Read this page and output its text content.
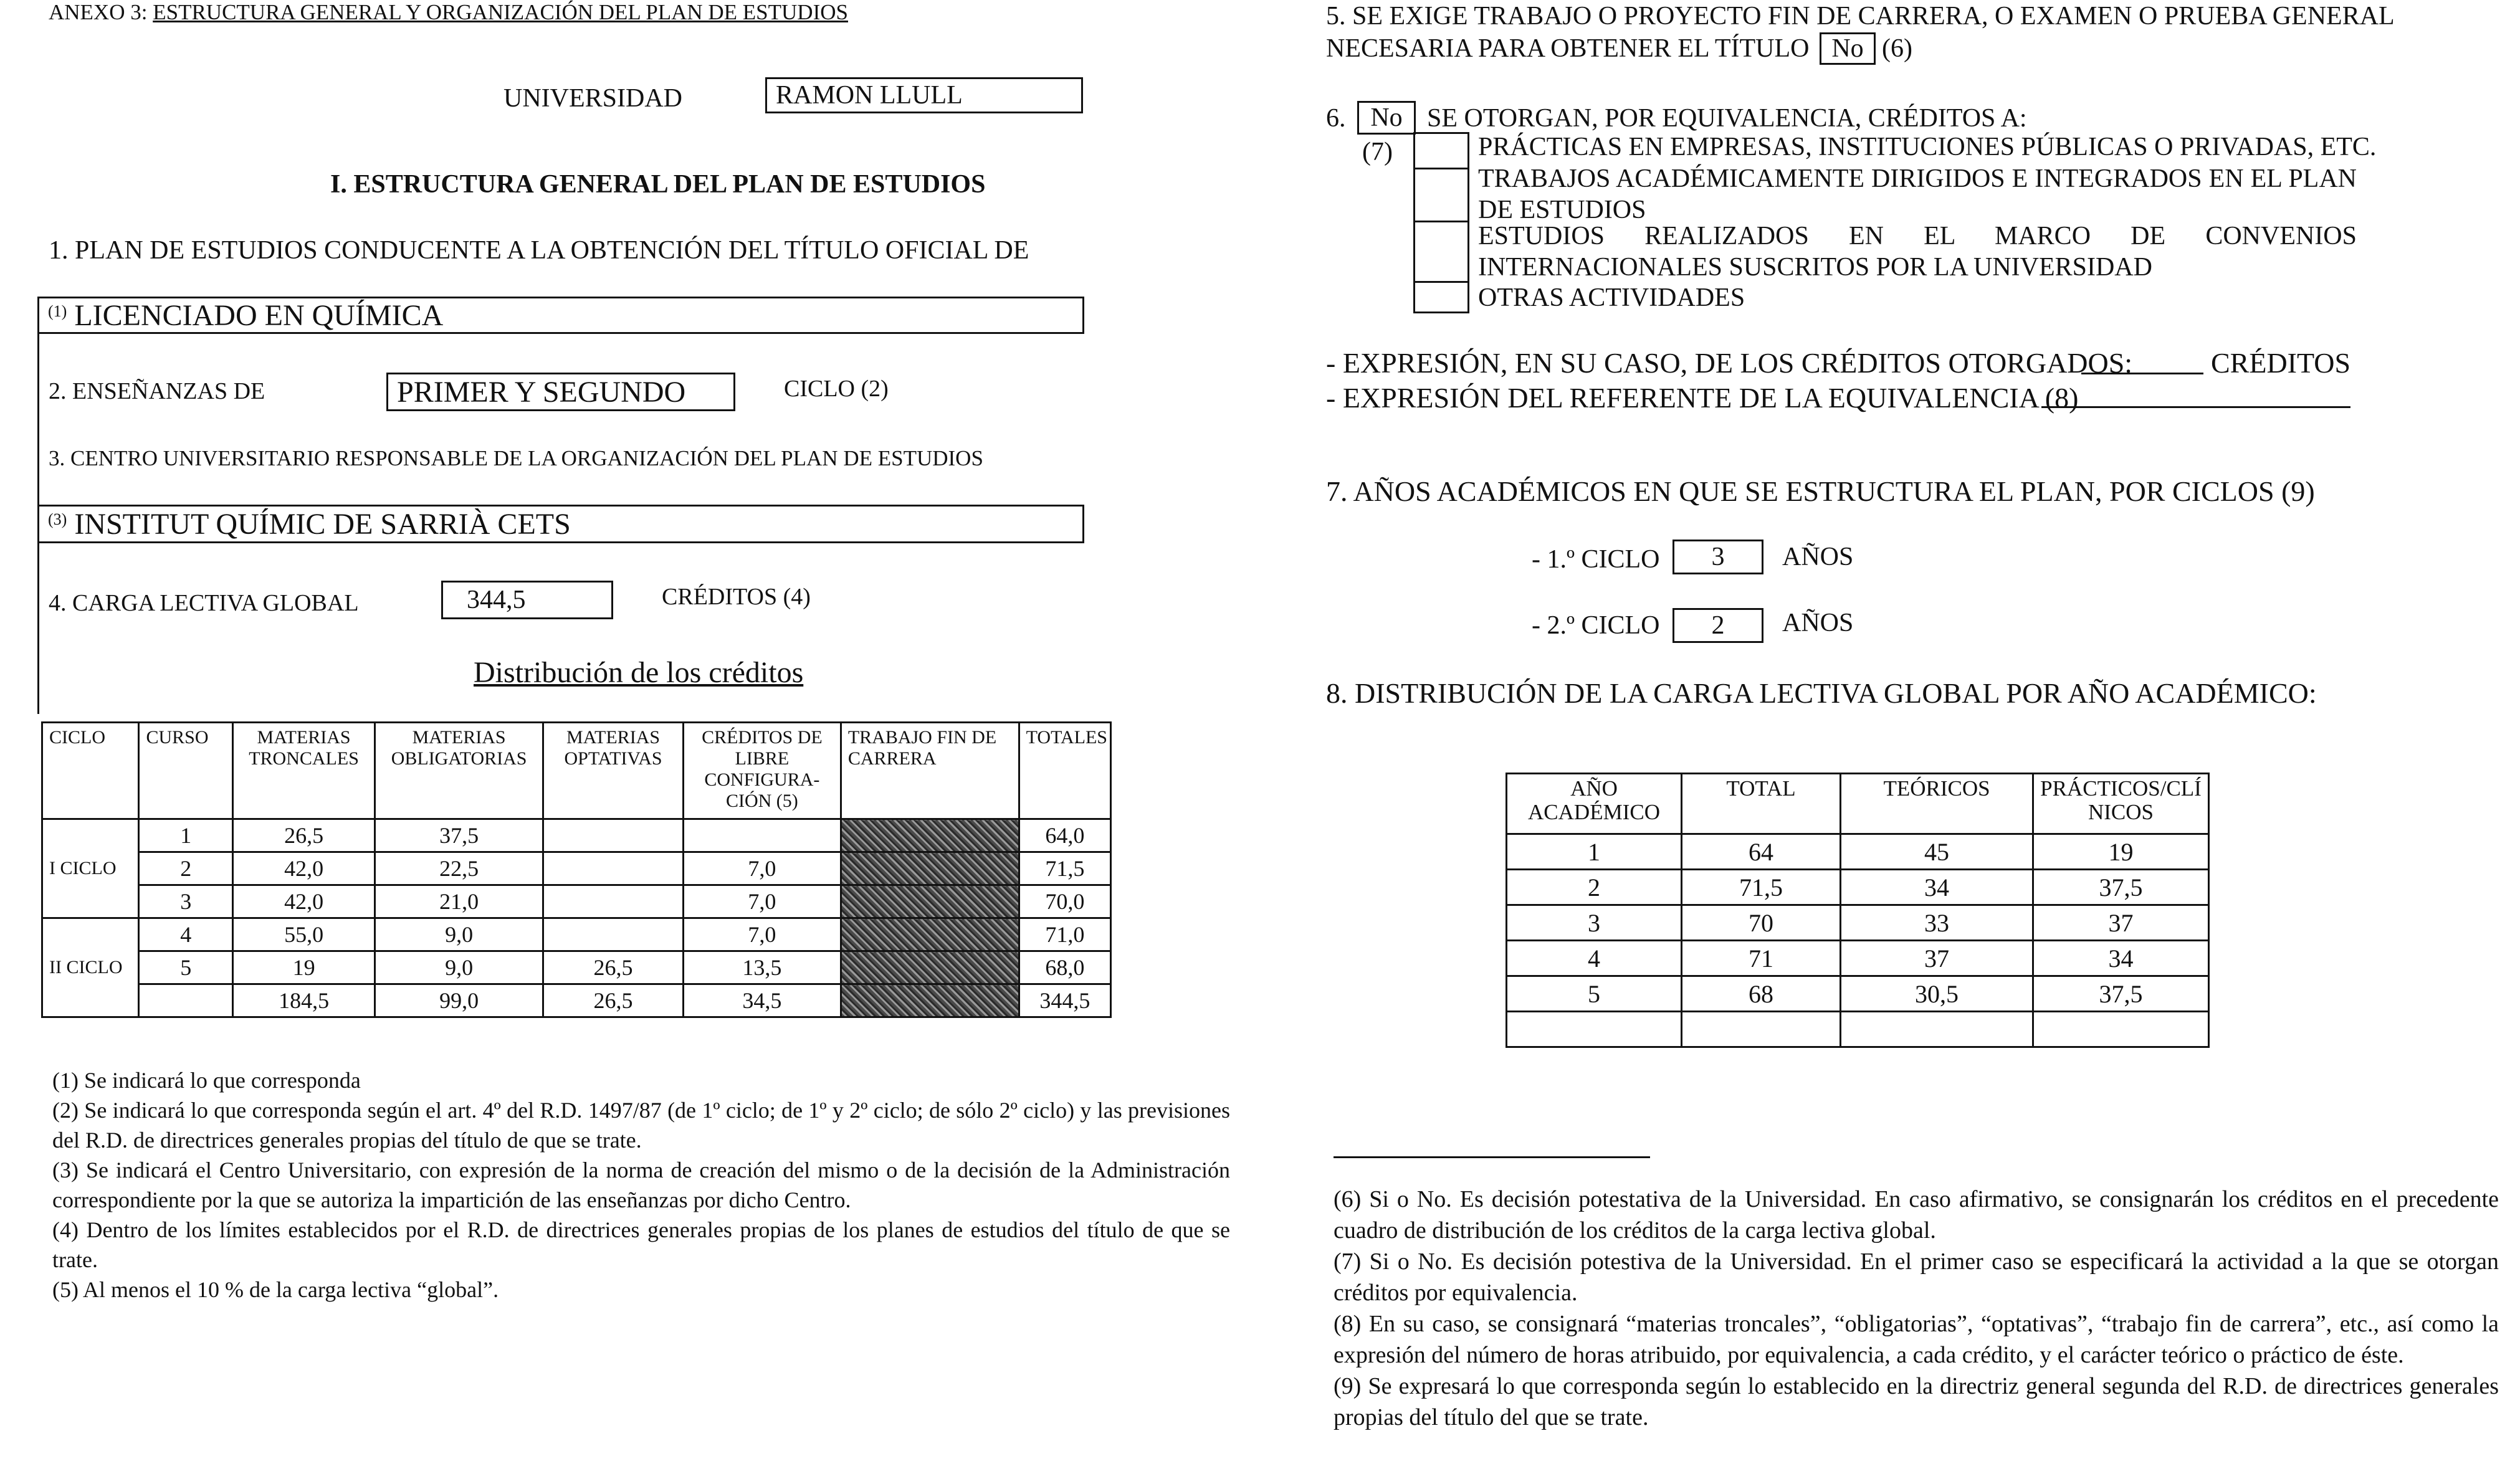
ANEXO 3: ESTRUCTURA GENERAL Y ORGANIZACIÓN DEL PLAN DE ESTUDIOS
UNIVERSIDAD	RAMON LLULL
I. ESTRUCTURA GENERAL DEL PLAN DE ESTUDIOS
1. PLAN DE ESTUDIOS CONDUCENTE A LA OBTENCIÓN DEL TÍTULO OFICIAL DE
(1) LICENCIADO EN QUÍMICA
2. ENSEÑANZAS DE	PRIMER Y SEGUNDO	CICLO (2)
3. CENTRO UNIVERSITARIO RESPONSABLE DE LA ORGANIZACIÓN DEL PLAN DE ESTUDIOS
(3) INSTITUT QUÍMIC DE SARRIÀ CETS
4. CARGA LECTIVA GLOBAL	344,5	CRÉDITOS (4)
Distribución de los créditos
CICLO	CURSO	MATERIAS TRONCALES	MATERIAS OBLIGATORIAS	MATERIAS OPTATIVAS	CRÉDITOS DE LIBRE CONFIGURA-CIÓN (5)	TRABAJO FIN DE CARRERA	TOTALES
I CICLO	1	26,5	37,5				64,0
	2	42,0	22,5		7,0		71,5
	3	42,0	21,0		7,0		70,0
II CICLO	4	55,0	9,0		7,0		71,0
	5	19	9,0	26,5	13,5		68,0
		184,5	99,0	26,5	34,5		344,5
(1) Se indicará lo que corresponda
(2) Se indicará lo que corresponda según el art. 4º del R.D. 1497/87 (de 1º ciclo; de 1º y 2º ciclo; de sólo 2º ciclo) y las previsiones del R.D. de directrices generales propias del título de que se trate.
(3) Se indicará el Centro Universitario, con expresión de la norma de creación del mismo o de la decisión de la Administración correspondiente por la que se autoriza la impartición de las enseñanzas por dicho Centro.
(4) Dentro de los límites establecidos por el R.D. de directrices generales propias de los planes de estudios del título de que se trate.
(5) Al menos el 10 % de la carga lectiva “global”.
5. SE EXIGE TRABAJO O PROYECTO FIN DE CARRERA, O EXAMEN O PRUEBA GENERAL
NECESARIA PARA OBTENER EL TÍTULO No (6)
6. No SE OTORGAN, POR EQUIVALENCIA, CRÉDITOS A:
(7)	PRÁCTICAS EN EMPRESAS, INSTITUCIONES PÚBLICAS O PRIVADAS, ETC.
TRABAJOS ACADÉMICAMENTE DIRIGIDOS E INTEGRADOS EN EL PLAN DE ESTUDIOS
ESTUDIOS REALIZADOS EN EL MARCO DE CONVENIOS INTERNACIONALES SUSCRITOS POR LA UNIVERSIDAD
OTRAS ACTIVIDADES
- EXPRESIÓN, EN SU CASO, DE LOS CRÉDITOS OTORGADOS:	CRÉDITOS
- EXPRESIÓN DEL REFERENTE DE LA EQUIVALENCIA (8)
7. AÑOS ACADÉMICOS EN QUE SE ESTRUCTURA EL PLAN, POR CICLOS (9)
- 1.º CICLO 3 AÑOS
- 2.º CICLO 2 AÑOS
8. DISTRIBUCIÓN DE LA CARGA LECTIVA GLOBAL POR AÑO ACADÉMICO:
AÑO ACADÉMICO	TOTAL	TEÓRICOS	PRÁCTICOS/CLÍ NICOS
1	64	45	19
2	71,5	34	37,5
3	70	33	37
4	71	37	34
5	68	30,5	37,5

(6) Si o No. Es decisión potestativa de la Universidad. En caso afirmativo, se consignarán los créditos en el precedente cuadro de distribución de los créditos de la carga lectiva global.
(7) Si o No. Es decisión potestiva de la Universidad. En el primer caso se especificará la actividad a la que se otorgan créditos por equivalencia.
(8) En su caso, se consignará “materias troncales”, “obligatorias”, “optativas”, “trabajo fin de carrera”, etc., así como la expresión del número de horas atribuido, por equivalencia, a cada crédito, y el carácter teórico o práctico de éste.
(9) Se expresará lo que corresponda según lo establecido en la directriz general segunda del R.D. de directrices generales propias del título del que se trate.
